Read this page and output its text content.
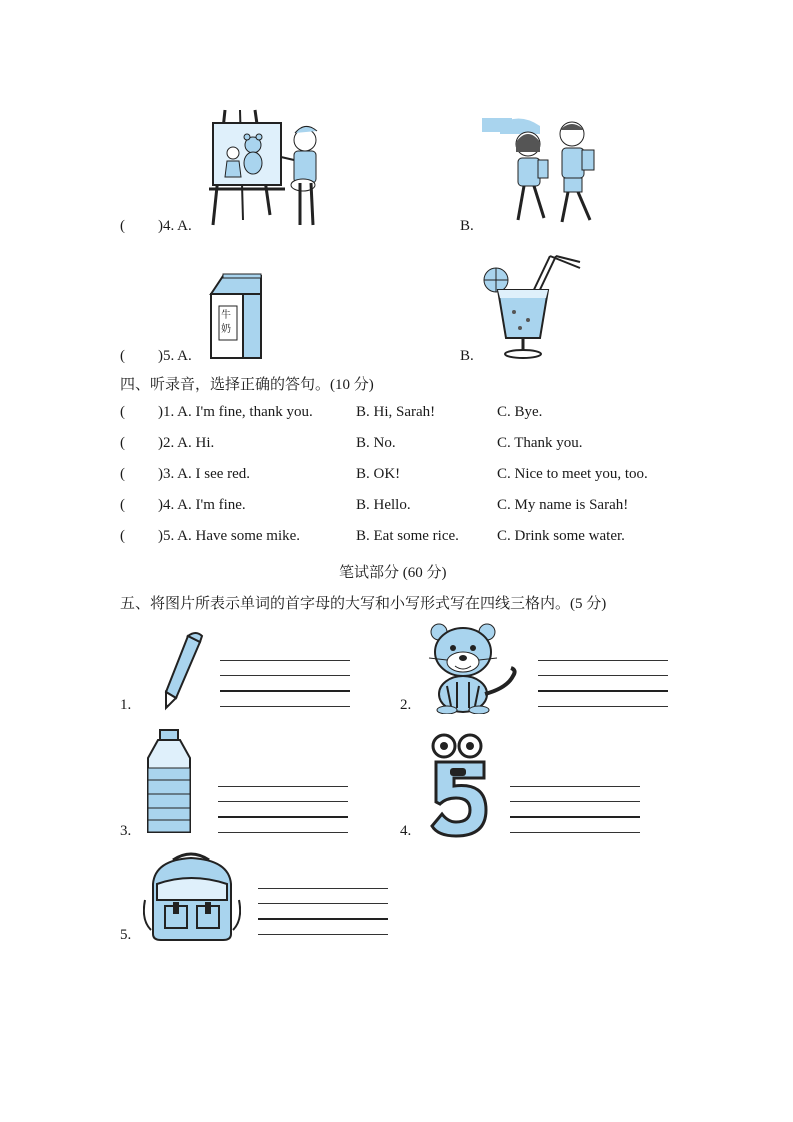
( )4. A.	B.
( )5. A.
牛
奶
B.
四、听录音，选择正确的答句。(10 分)
( )1. A. I'm fine, thank you.	B. Hi, Sarah!	C. Bye.
( )2. A. Hi.	B. No.	C. Thank you.
( )3. A. I see red.	B. OK!	C. Nice to meet you, too.
( )4. A. I'm fine.	B. Hello.	C. My name is Sarah!
( )5. A. Have some mike.	B. Eat some rice.	C. Drink some water.
笔试部分 (60 分)
五、将图片所表示单词的首字母的大写和小写形式写在四线三格内。(5 分)
1.	2.
3.	4.
5.
